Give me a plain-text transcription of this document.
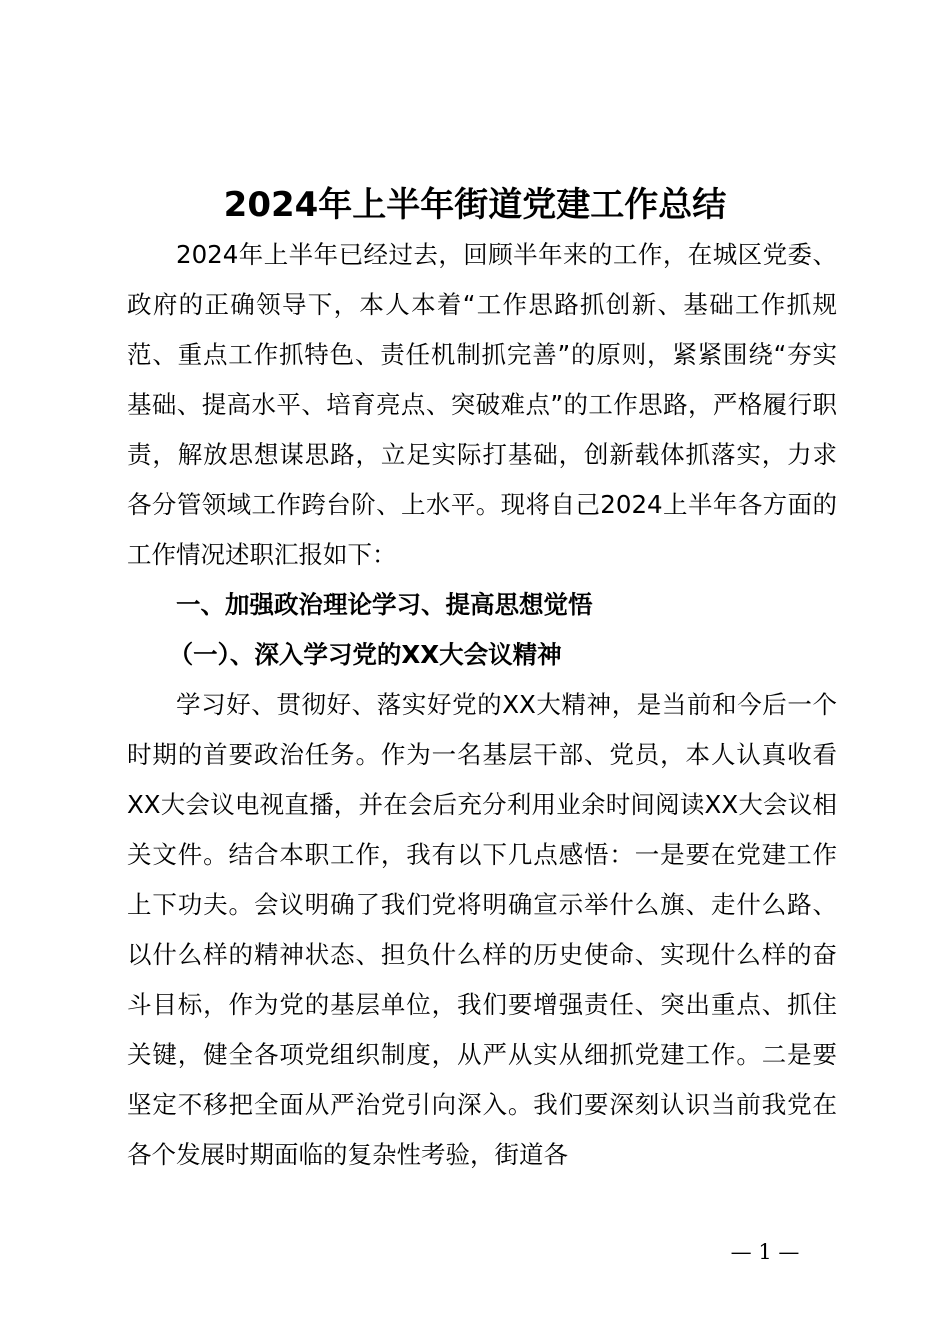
2024年上半年街道党建工作总结

2024年上半年已经过去，回顾半年来的工作，在城区党委、政府的正确领导下，本人本着“工作思路抓创新、基础工作抓规范、重点工作抓特色、责任机制抓完善”的原则，紧紧围绕“夯实基础、提高水平、培育亮点、突破难点”的工作思路，严格履行职责，解放思想谋思路，立足实际打基础，创新载体抓落实，力求各分管领域工作跨台阶、上水平。现将自己2024上半年各方面的工作情况述职汇报如下：

一、加强政治理论学习、提高思想觉悟

（一）、深入学习党的XX大会议精神

学习好、贯彻好、落实好党的XX大精神，是当前和今后一个时期的首要政治任务。作为一名基层干部、党员，本人认真收看XX大会议电视直播，并在会后充分利用业余时间阅读XX大会议相关文件。结合本职工作，我有以下几点感悟：一是要在党建工作上下功夫。会议明确了我们党将明确宣示举什么旗、走什么路、以什么样的精神状态、担负什么样的历史使命、实现什么样的奋斗目标，作为党的基层单位，我们要增强责任、突出重点、抓住关键，健全各项党组织制度，从严从实从细抓党建工作。二是要坚定不移把全面从严治党引向深入。我们要深刻认识当前我党在各个发展时期面临的复杂性考验，街道各

— 1 —
